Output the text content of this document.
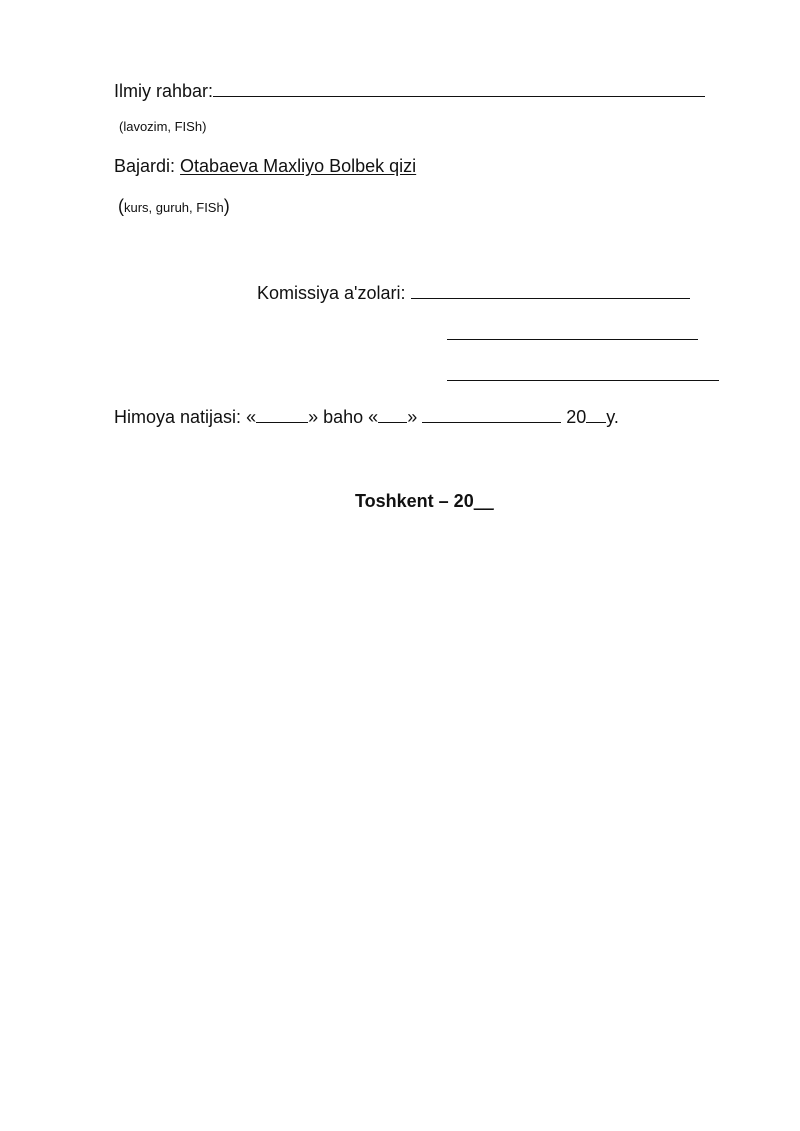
Ilmiy rahbar:
(lavozim, FISh)
Bajardi: Otabaeva Maxliyo Bolbek qizi
(kurs, guruh, FISh)
Komissiya a'zolari:
Himoya natijasi: «	» baho « »	20 y.
Toshkent – 20__
